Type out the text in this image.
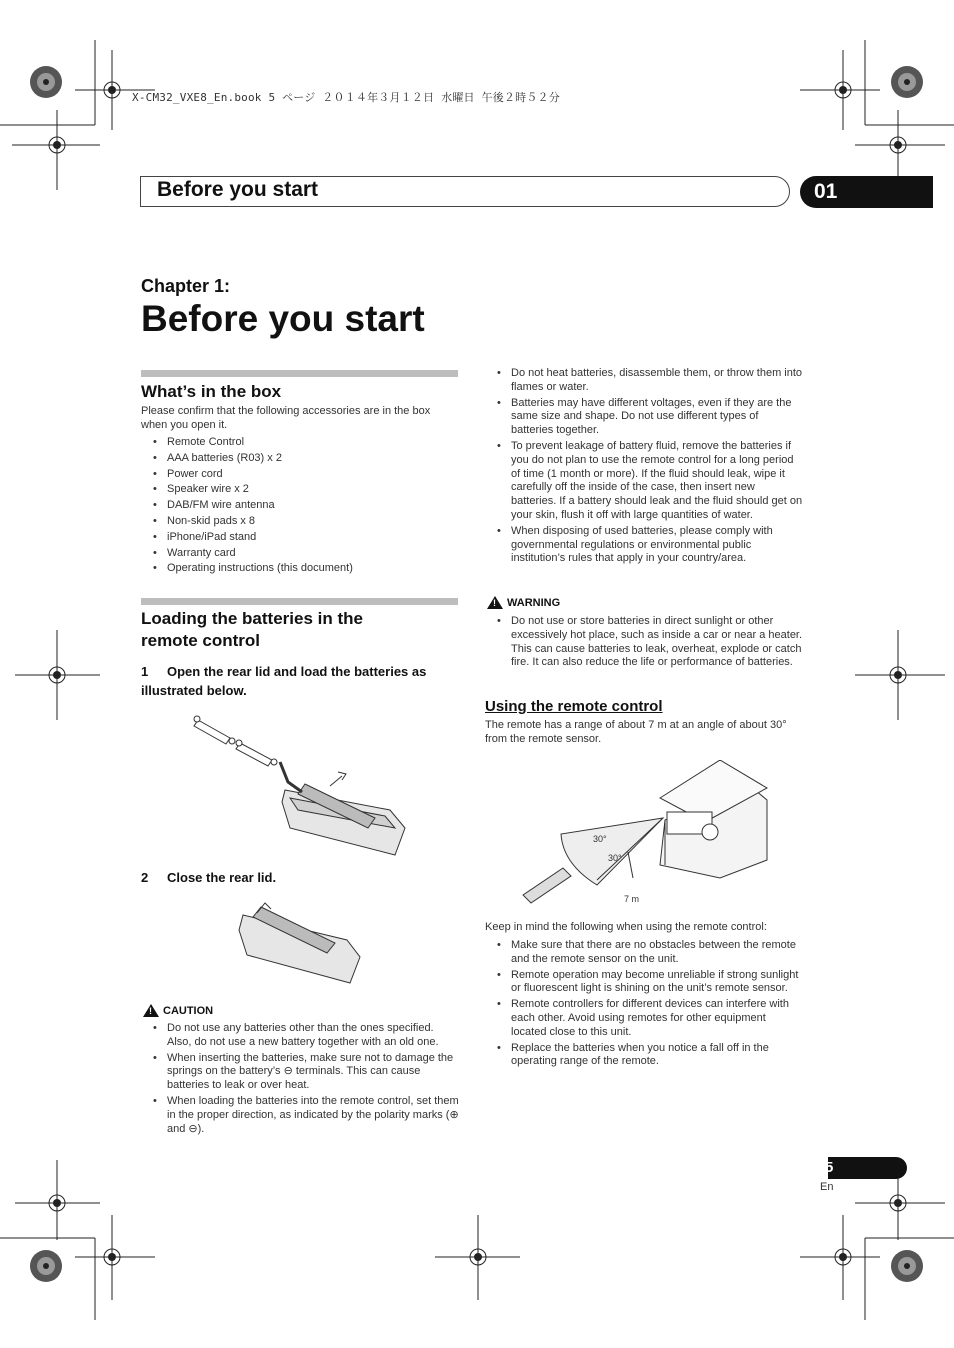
X-CM32_VXE8_En.book 5 ページ ２０１４年３月１２日 水曜日 午後２時５２分
Before you start	01
Chapter 1:
Before you start
What’s in the box
Please confirm that the following accessories are in the box when you open it.
• Remote Control
• AAA batteries (R03) x 2
• Power cord
• Speaker wire x 2
• DAB/FM wire antenna
• Non-skid pads x 8
• iPhone/iPad stand
• Warranty card
• Operating instructions (this document)
Loading the batteries in the
remote control
1 Open the rear lid and load the batteries as
illustrated below.
2 Close the rear lid.
! CAUTION
• Do not use any batteries other than the ones specified. Also, do not use a new battery together with an old one.
• When inserting the batteries, make sure not to damage the springs on the battery’s ⊖ terminals. This can cause batteries to leak or over heat.
• When loading the batteries into the remote control, set them in the proper direction, as indicated by the polarity marks (⊕ and ⊖).
• Do not heat batteries, disassemble them, or throw them into flames or water.
• Batteries may have different voltages, even if they are the same size and shape. Do not use different types of batteries together.
• To prevent leakage of battery fluid, remove the batteries if you do not plan to use the remote control for a long period of time (1 month or more). If the fluid should leak, wipe it carefully off the inside of the case, then insert new batteries. If a battery should leak and the fluid should get on your skin, flush it off with large quantities of water.
• When disposing of used batteries, please comply with governmental regulations or environmental public institution’s rules that apply in your country/area.
! WARNING
• Do not use or store batteries in direct sunlight or other excessively hot place, such as inside a car or near a heater. This can cause batteries to leak, overheat, explode or catch fire. It can also reduce the life or performance of batteries.
Using the remote control
The remote has a range of about 7 m at an angle of about 30° from the remote sensor.
30°
30°
7 m
Keep in mind the following when using the remote control:
• Make sure that there are no obstacles between the remote and the remote sensor on the unit.
• Remote operation may become unreliable if strong sunlight or fluorescent light is shining on the unit’s remote sensor.
• Remote controllers for different devices can interfere with each other. Avoid using remotes for other equipment located close to this unit.
• Replace the batteries when you notice a fall off in the operating range of the remote.
5
En
